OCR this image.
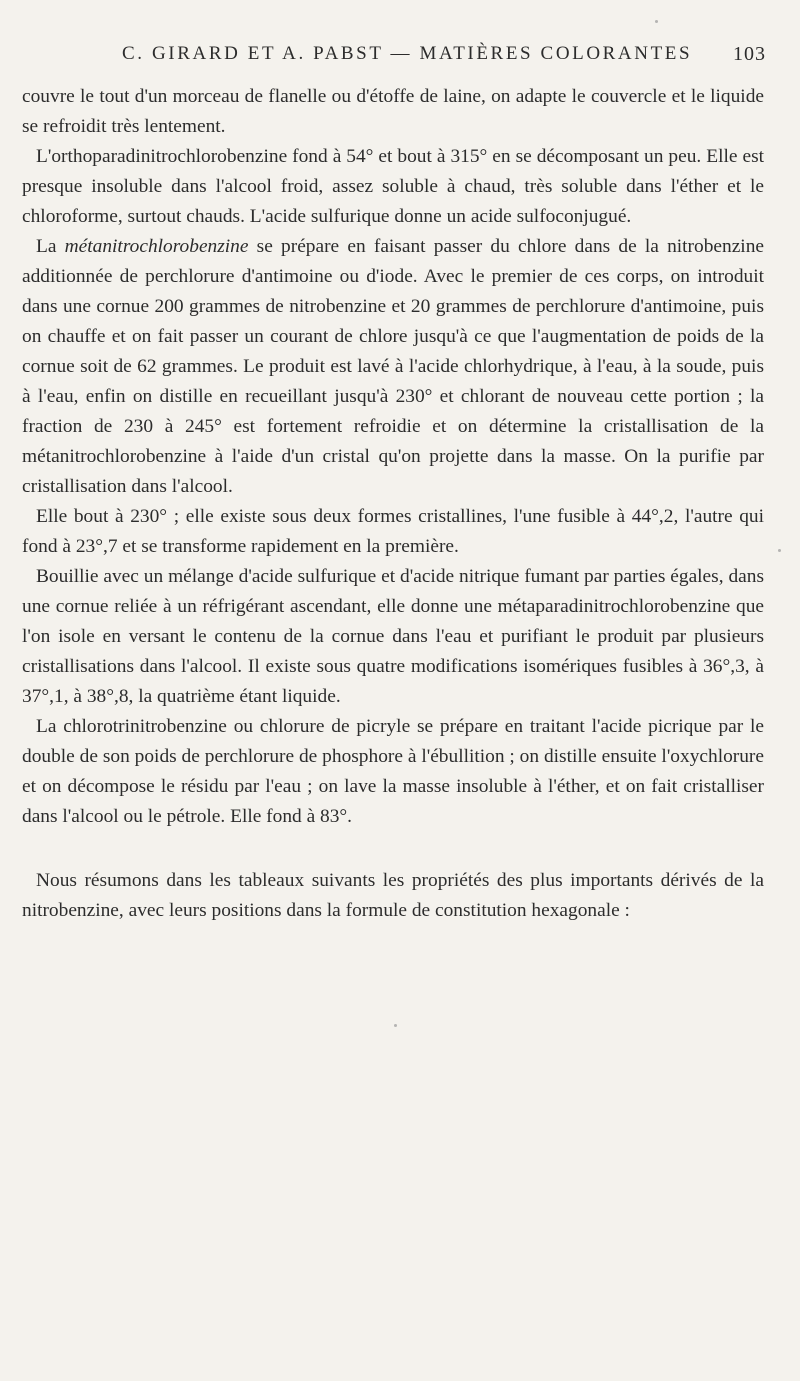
C. GIRARD ET A. PABST — MATIÈRES COLORANTES 103

couvre le tout d'un morceau de flanelle ou d'étoffe de laine, on adapte le couvercle et le liquide se refroidit très lentement.

L'orthoparadinitrochlorobenzine fond à 54° et bout à 315° en se décomposant un peu. Elle est presque insoluble dans l'alcool froid, assez soluble à chaud, très soluble dans l'éther et le chloroforme, surtout chauds. L'acide sulfurique donne un acide sulfoconjugué.

La métanitrochlorobenzine se prépare en faisant passer du chlore dans de la nitrobenzine additionnée de perchlorure d'antimoine ou d'iode. Avec le premier de ces corps, on introduit dans une cornue 200 grammes de nitrobenzine et 20 grammes de perchlorure d'antimoine, puis on chauffe et on fait passer un courant de chlore jusqu'à ce que l'augmentation de poids de la cornue soit de 62 grammes. Le produit est lavé à l'acide chlorhydrique, à l'eau, à la soude, puis à l'eau, enfin on distille en recueillant jusqu'à 230° et chlorant de nouveau cette portion ; la fraction de 230 à 245° est fortement refroidie et on détermine la cristallisation de la métanitrochlorobenzine à l'aide d'un cristal qu'on projette dans la masse. On la purifie par cristallisation dans l'alcool.

Elle bout à 230° ; elle existe sous deux formes cristallines, l'une fusible à 44°,2, l'autre qui fond à 23°,7 et se transforme rapidement en la première.

Bouillie avec un mélange d'acide sulfurique et d'acide nitrique fumant par parties égales, dans une cornue reliée à un réfrigérant ascendant, elle donne une métaparadinitrochlorobenzine que l'on isole en versant le contenu de la cornue dans l'eau et purifiant le produit par plusieurs cristallisations dans l'alcool. Il existe sous quatre modifications isomériques fusibles à 36°,3, à 37°,1, à 38°,8, la quatrième étant liquide.

La chlorotrinitrobenzine ou chlorure de picryle se prépare en traitant l'acide picrique par le double de son poids de perchlorure de phosphore à l'ébullition ; on distille ensuite l'oxychlorure et on décompose le résidu par l'eau ; on lave la masse insoluble à l'éther, et on fait cristalliser dans l'alcool ou le pétrole. Elle fond à 83°.

Nous résumons dans les tableaux suivants les propriétés des plus importants dérivés de la nitrobenzine, avec leurs positions dans la formule de constitution hexagonale :
